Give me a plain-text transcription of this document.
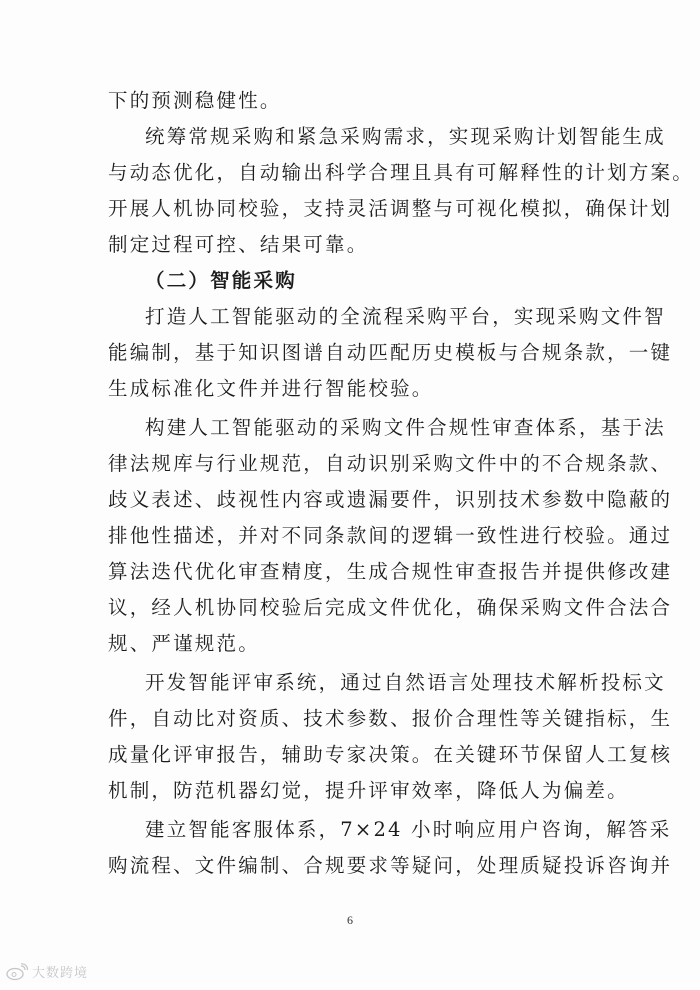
下的预测稳健性。
统筹常规采购和紧急采购需求，实现采购计划智能生成
与动态优化，自动输出科学合理且具有可解释性的计划方案。
开展人机协同校验，支持灵活调整与可视化模拟，确保计划
制定过程可控、结果可靠。
（二）智能采购
打造人工智能驱动的全流程采购平台，实现采购文件智
能编制，基于知识图谱自动匹配历史模板与合规条款，一键
生成标准化文件并进行智能校验。
构建人工智能驱动的采购文件合规性审查体系，基于法
律法规库与行业规范，自动识别采购文件中的不合规条款、
歧义表述、歧视性内容或遗漏要件，识别技术参数中隐蔽的
排他性描述，并对不同条款间的逻辑一致性进行校验。通过
算法迭代优化审查精度，生成合规性审查报告并提供修改建
议，经人机协同校验后完成文件优化，确保采购文件合法合
规、严谨规范。
开发智能评审系统，通过自然语言处理技术解析投标文
件，自动比对资质、技术参数、报价合理性等关键指标，生
成量化评审报告，辅助专家决策。在关键环节保留人工复核
机制，防范机器幻觉，提升评审效率，降低人为偏差。
建立智能客服体系，7×24 小时响应用户咨询，解答采
购流程、文件编制、合规要求等疑问，处理质疑投诉咨询并
6
大数跨境
